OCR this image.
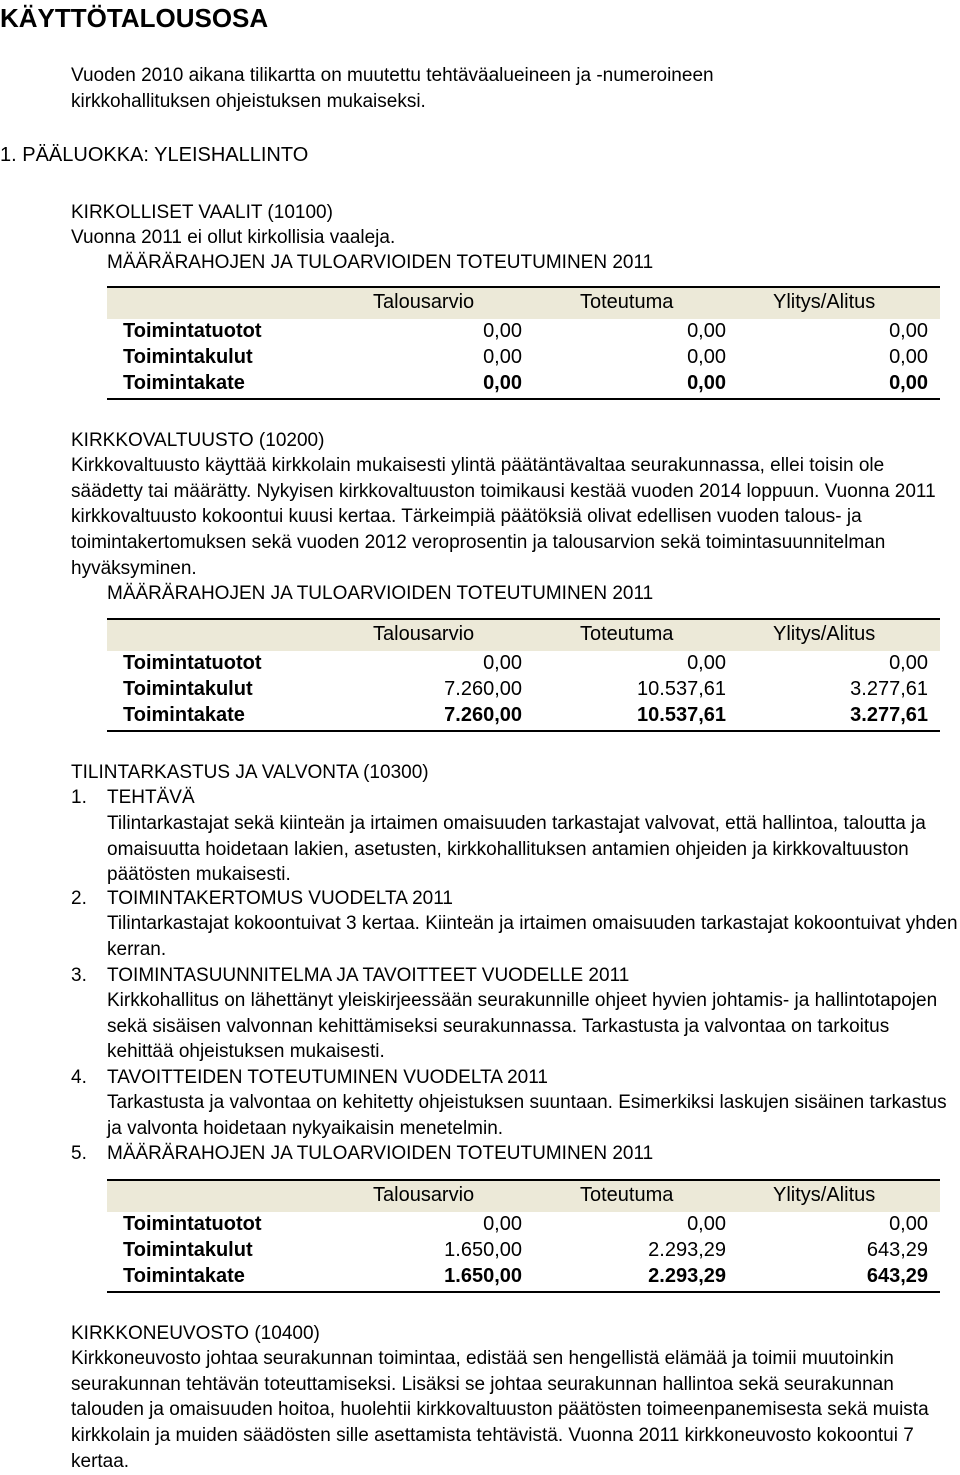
KÄYTTÖTALOUSOSA
Vuoden 2010 aikana tilikartta on muutettu tehtäväalueineen ja -numeroineen kirkkohallituksen ohjeistuksen mukaiseksi.
1. PÄÄLUOKKA: YLEISHALLINTO
KIRKOLLISET VAALIT (10100)
Vuonna 2011 ei ollut kirkollisia vaaleja.
MÄÄRÄRAHOJEN JA TULOARVIOIDEN TOTEUTUMINEN 2011
Talousarvio	Toteutuma	Ylitys/Alitus
Toimintatuotot	0,00	0,00	0,00
Toimintakulut	0,00	0,00	0,00
Toimintakate	0,00	0,00	0,00
KIRKKOVALTUUSTO (10200)
Kirkkovaltuusto käyttää kirkkolain mukaisesti ylintä päätäntävaltaa seurakunnassa, ellei toisin ole säädetty tai määrätty. Nykyisen kirkkovaltuuston toimikausi kestää vuoden 2014 loppuun. Vuonna 2011 kirkkovaltuusto kokoontui kuusi kertaa. Tärkeimpiä päätöksiä olivat edellisen vuoden talous- ja toimintakertomuksen sekä vuoden 2012 veroprosentin ja talousarvion sekä toimintasuunnitelman hyväksyminen.
MÄÄRÄRAHOJEN JA TULOARVIOIDEN TOTEUTUMINEN 2011
Talousarvio	Toteutuma	Ylitys/Alitus
Toimintatuotot	0,00	0,00	0,00
Toimintakulut	7.260,00	10.537,61	3.277,61
Toimintakate	7.260,00	10.537,61	3.277,61
TILINTARKASTUS JA VALVONTA (10300)
1. TEHTÄVÄ
Tilintarkastajat sekä kiinteän ja irtaimen omaisuuden tarkastajat valvovat, että hallintoa, taloutta ja omaisuutta hoidetaan lakien, asetusten, kirkkohallituksen antamien ohjeiden ja kirkkovaltuuston päätösten mukaisesti.
2. TOIMINTAKERTOMUS VUODELTA 2011
Tilintarkastajat kokoontuivat 3 kertaa. Kiinteän ja irtaimen omaisuuden tarkastajat kokoontuivat yhden kerran.
3. TOIMINTASUUNNITELMA JA TAVOITTEET VUODELLE 2011
Kirkkohallitus on lähettänyt yleiskirjeessään seurakunnille ohjeet hyvien johtamis- ja hallintotapojen sekä sisäisen valvonnan kehittämiseksi seurakunnassa. Tarkastusta ja valvontaa on tarkoitus kehittää ohjeistuksen mukaisesti.
4. TAVOITTEIDEN TOTEUTUMINEN VUODELTA 2011
Tarkastusta ja valvontaa on kehitetty ohjeistuksen suuntaan. Esimerkiksi laskujen sisäinen tarkastus ja valvonta hoidetaan nykyaikaisin menetelmin.
5. MÄÄRÄRAHOJEN JA TULOARVIOIDEN TOTEUTUMINEN 2011
Talousarvio	Toteutuma	Ylitys/Alitus
Toimintatuotot	0,00	0,00	0,00
Toimintakulut	1.650,00	2.293,29	643,29
Toimintakate	1.650,00	2.293,29	643,29
KIRKKONEUVOSTO (10400)
Kirkkoneuvosto johtaa seurakunnan toimintaa, edistää sen hengellistä elämää ja toimii muutoinkin seurakunnan tehtävän toteuttamiseksi. Lisäksi se johtaa seurakunnan hallintoa sekä seurakunnan talouden ja omaisuuden hoitoa, huolehtii kirkkovaltuuston päätösten toimeenpanemisesta sekä muista kirkkolain ja muiden säädösten sille asettamista tehtävistä. Vuonna 2011 kirkkoneuvosto kokoontui 7 kertaa.
